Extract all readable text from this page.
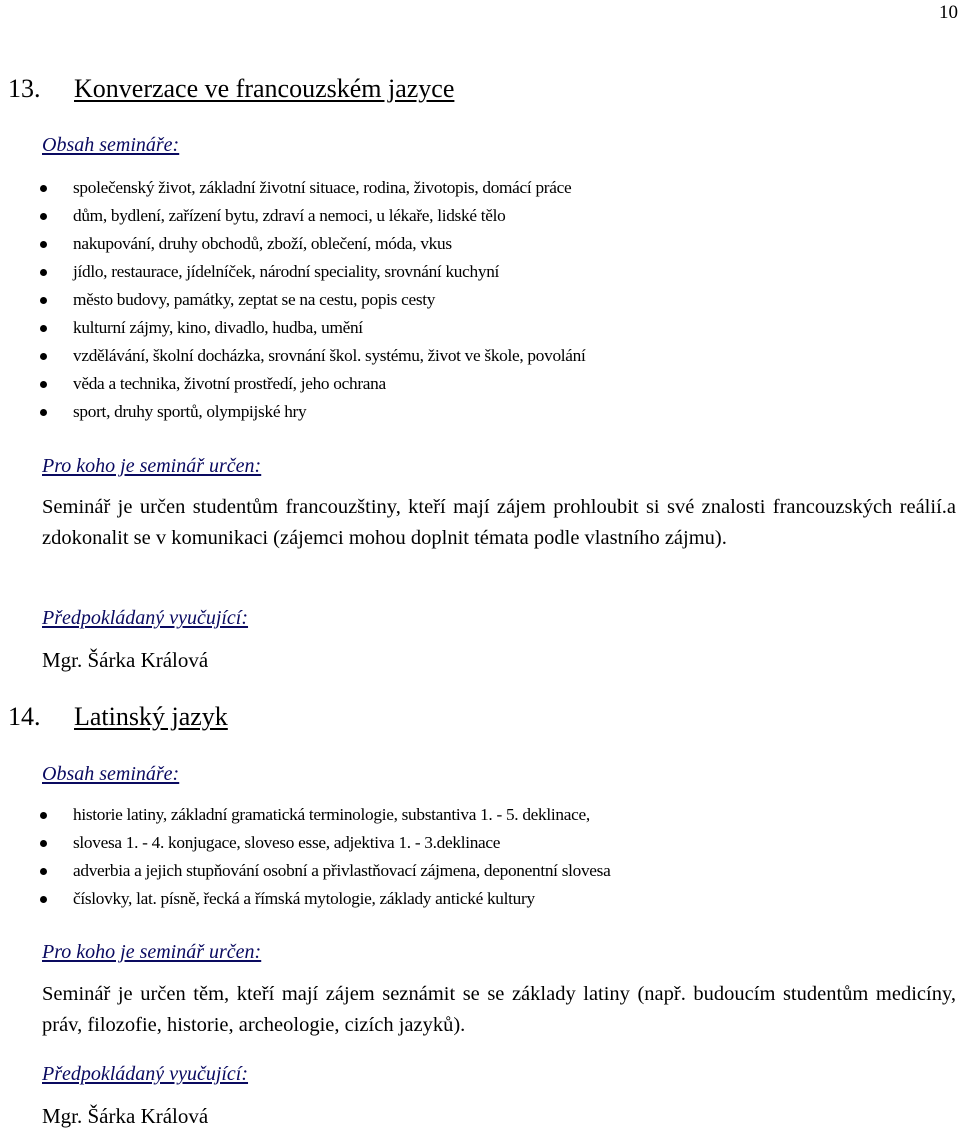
10
13. Konverzace ve francouzském jazyce
Obsah semináře:
společenský život, základní životní situace, rodina, životopis, domácí práce
dům, bydlení, zařízení bytu, zdraví a nemoci, u lékaře, lidské tělo
nakupování, druhy obchodů, zboží, oblečení, móda, vkus
jídlo, restaurace, jídelníček, národní speciality, srovnání kuchyní
město budovy, památky, zeptat se na cestu, popis cesty
kulturní zájmy, kino, divadlo, hudba, umění
vzdělávání, školní docházka, srovnání škol. systému, život ve škole, povolání
věda a technika, životní prostředí, jeho ochrana
sport, druhy sportů, olympijské hry
Pro koho je seminář určen:

Seminář je určen studentům francouzštiny, kteří mají zájem prohloubit si své znalosti francouzských reálií.a zdokonalit se v komunikaci (zájemci mohou doplnit témata podle vlastního zájmu).

Předpokládaný vyučující:
Mgr. Šárka Králová
14. Latinský jazyk
Obsah semináře:
historie latiny, základní gramatická terminologie, substantiva 1. - 5. deklinace,
slovesa 1. - 4. konjugace, sloveso esse, adjektiva 1. - 3.deklinace
adverbia a jejich stupňování osobní a přivlastňovací zájmena, deponentní slovesa
číslovky, lat. písně, řecká a římská mytologie, základy antické kultury
Pro koho je seminář určen:

Seminář je určen těm, kteří mají zájem seznámit se se základy latiny (např. budoucím studentům medicíny, práv, filozofie, historie, archeologie, cizích jazyků).

Předpokládaný vyučující:
Mgr. Šárka Králová
